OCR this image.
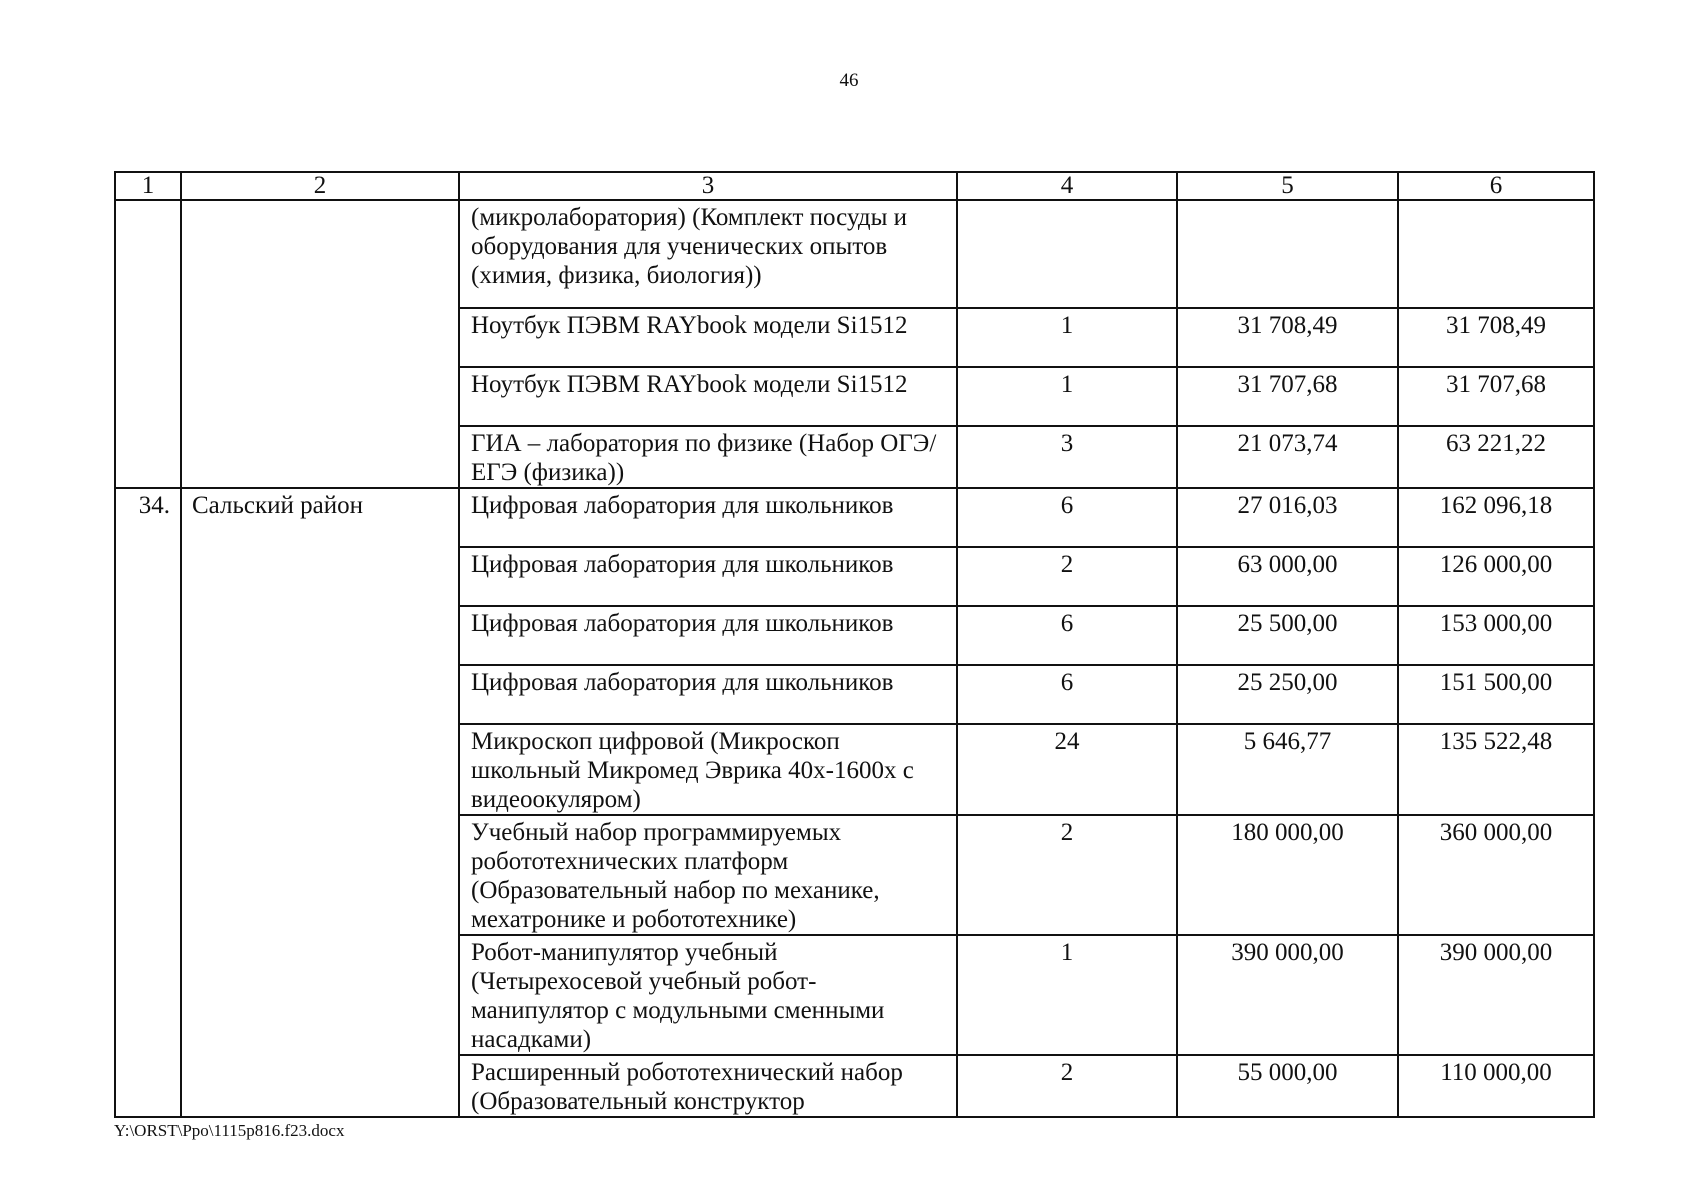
46
1	2	3	4	5	6
		(микролаборатория) (Комплект посуды и оборудования для ученических опытов (химия, физика, биология))			
		Ноутбук ПЭВМ RAYbook модели Si1512	1	31 708,49	31 708,49
		Ноутбук ПЭВМ RAYbook модели Si1512	1	31 707,68	31 707,68
		ГИА – лаборатория по физике (Набор ОГЭ/ЕГЭ (физика))	3	21 073,74	63 221,22
34.	Сальский район	Цифровая лаборатория для школьников	6	27 016,03	162 096,18
		Цифровая лаборатория для школьников	2	63 000,00	126 000,00
		Цифровая лаборатория для школьников	6	25 500,00	153 000,00
		Цифровая лаборатория для школьников	6	25 250,00	151 500,00
		Микроскоп цифровой (Микроскоп школьный Микромед Эврика 40х-1600х с видеоокуляром)	24	5 646,77	135 522,48
		Учебный набор программируемых робототехнических платформ (Образовательный набор по механике, мехатронике и робототехнике)	2	180 000,00	360 000,00
		Робот-манипулятор учебный (Четырехосевой учебный робот-манипулятор с модульными сменными насадками)	1	390 000,00	390 000,00
		Расширенный робототехнический набор (Образовательный конструктор	2	55 000,00	110 000,00
Y:\ORST\Ppo\1115p816.f23.docx
